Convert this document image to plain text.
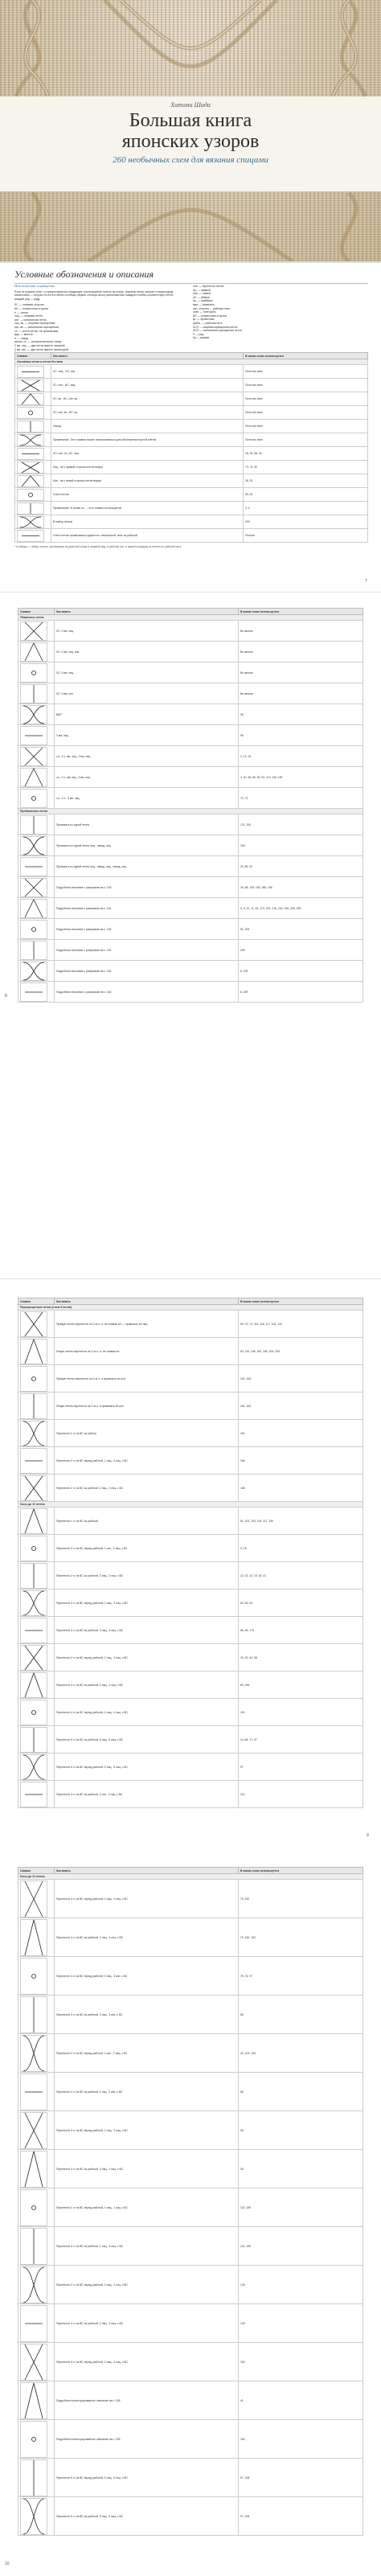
Хитоми Шида
Большая книга
японских узоров
260 необычных схем для вязания спицами
Условные обозначения и описания
Используемые сокращения
Если не указано иное, то предполагается следующее: расположение петель на спице, лицевые петли смотрят к вязальщице, изнаночные — вторая его есть в обеих столбцах первая столбца около расположения. Каждый столбец соответствует петле, каждый ряд — ряду.
ЛС — лицевая сторона
ИС — изнаночная сторона
п. — петля
лиц. — лицевая петля
изн. — изнаночная петля
лиц. вк. — лицевая скрещенная
изн. вк. — изнаночная скрещенная
сн. — снять петлю, не провязывая
вдв. — вместе
н. — накид
вспом. сп. — вспомогательная спица
2 вм. лиц. — две петли вместе лицевой
2 вм. изн. — две петли вместе изнаночной
п/сп — перенести петлю
пр. — правый
лев. — левый
уб. — убавка
пр. — прибавка
выв. — вывязать
изн. сторона — рабочая нить
повт. — повторить
ИС — изнаночная сторона
кр. — кромочная
рабоч. — рабочая нить
ЛСП — лицевая скрещенная петля
ИСП — изнаночная скрещенная петля
Р — ряд
Кр — кромка
Символ	Как вязать	В каком схеме используется
Основные петли и петли без вяза		

	ЛС: лиц., ИС: изн.	Почти во всех

	ЛС: изн., ИС: лиц.	Почти во всех

	ЛС: вк., ИС: изн. вк.	Почти во всех

	ЛС: изн. вк., ИС: вк.	Почти во всех

	Накид	Почти во всех

	Примечание. Этот символ может использоваться для обозначения пустой клетки	Почти во всех

	ЛС: изн. 2х, ИС: лиц.	16, 25, 58, 60

	Лиц., не с правой стороны петли вокруг	73, 74, 90

	Изн., не с левой стороны петли вокруг	36, 92

	Снять петлю	59, 62

	Примечание. В схеме № ..., этот символ используется	3, 4

	В набор петель	200

	Снять петлю провязывая и даже изн. изнаночной, нить за работой	Плосне
* К набору — набор петель, при вязании на длинной спице в лицевой ряд, в рабочих изн. в нашей в каждом из петель не рабочей нить.
7
Символ	Как вязать	В каком схеме используется
Убавочные петли		

	ЛС: 2 вм. лиц.	Во многих

	ЛС: 2 вм. лиц. изн.	Во многих

	ЛС: 3 вм. лиц.	Во многих

	ЛС: 3 вм. изн.	Во многих

	ВАР	96

	3 вм. лиц.	95

	сн., 3 н. вм. лиц., 2 вм. лиц.	3, 12, 13

	сн., 2 п. как лиц., 3 вм. лиц.	4, 20, 36, 80, 90, 93, 110, 130, 187

	сн., 4 п., 5 вм. лиц.	72, 73
Прибавочные петли		

	Провязать из одной петли	121, 200

	Провязать из одной петли лиц., накид, лиц.	163

	Провязать из одной петли лиц., накид, лиц., накид, лиц.	20, 89, 92

	Подробное описание с рисунками на с. 153	16, 88, 139, 150, 185, 186

	Подробное описание с рисунками на с. 151	5, 9, 10, 11, 81, 172, 202, 216, 224, 236, 238, 239

	Подробное описание с рисунками на с. 152	51, 193

	Подробное описание с рисунками на с. 152	209

	Подробное описание с рисунками на с. 152	6, 209

	Подробное описание с рисунками на с. 152	6, 209
8
Символ	Как вязать	В каком схеме используется
Перекрещенные петли (2 или 3 петли)		

	Правую петлю перенести на 2-ю п. и, не снимая ее — провязать её лиц.	59, 70, 72, 114, 116, 117, 119, 122

	Левую петлю перенести на 2-ю п. и, не снимая ее	53, 119, 156, 160, 165, 204, 228

	Правую петлю перенести на 2-ю п. и провязать ее изн.	161, 163

	Левую петлю перенести на 2-ю п. и провязать её изн.	161, 163

	Перенести 1 п. на ВС за работу	161

	Перенести 2 п. на ВС перед работой, 2 лиц., 2 лиц. с ВС	166

	Перенести 2 п. на ВС за работой, 2 лиц., 2 лиц. с ВС	168
Косы до 10 петель		

	Перенести 1 п. на ВС за работой	61, 102, 103, 115, 117, 150

	Перенести 2 п. на ВС перед работой, 1 изн., 2 лиц. с ВС	3, 19

	Перенести 2 п. на ВС за работой, 3 лиц., 3 лиц. с ВС	12, 13, 14, 15, 30, 41

	Перенести 3 п. на ВС перед работой, 3 лиц., 3 лиц. с ВС	62, 63, 64

	Перенести 3 п. на ВС за работой, 3 лиц., 3 лиц. с ВС	65, 69, 176

	Перенести 2 п. на ВС перед работой, 2 лиц., 2 лиц. с ВС	19, 20, 43, 58

	Перенести 4 п. на ВС за работой, 4 лиц., 4 лиц. с ВС	82, 196

	Перенести 4 п. на ВС перед работой, 4 лиц., 4 лиц. с ВС	191

	Перенести 5 п. на ВС за работой, 5 лиц., 5 лиц. с ВС	14, 65, 71, 97

	Перенести 5 п. на ВС перед работой, 5 лиц., 5 лиц. с ВС	97

	Перенести 3 п. на ВС за работой, 2 изн., 3 лиц. с ВС	113
9
Символ	Как вязать	В каком схеме используется
Косы до 10 петель		

	Перенести 4 п. на ВС перед работой, 2 лиц., 4 лиц. с ВС	70, 152

	Перенести 4 п. на ВС за работой, 2 лиц., 4 лиц. с ВС	70, 152, 162

	Перенести 3 п. на ВС перед работой, 3 лиц., 3 изн. с ВС	75, 76, 97

	Перенести 3 п. на ВС за работой, 3 лиц., 3 изн. с ВС	80

	Перенести 2 п. на ВС перед работой, 1 изн., 2 лиц. с ВС	42, 123, 125

	Перенести 2 п. на ВС за работой, 2 лиц., 2 изн. с ВС	86

	Перенести 3 п. на ВС перед работой, 2 лиц., 3 лиц. с ВС	93

	Перенести 3 п. на ВС за работой, 3 лиц., 2 лиц. с ВС	93

	Перенести 1 п. на ВС перед работой, 4 лиц., 1 лиц. с ВС	113, 159

	Перенести 4 п. на ВС за работой, 1 лиц., 4 лиц. с ВС	113, 159

	Перенести 2 п. на ВС перед работой, 3 лиц., 2 лиц. с ВС	128

	Перенести 3 п. на ВС за работой, 2 лиц., 3 лиц. с ВС	128

	Перенести 4 п. на ВС перед работой, 3 лиц., 4 лиц. с ВС	154

	Подробное иллюстрированное описание на с. 155	41

	Подробное иллюстрированное описание на с. 155	164

	Перенести 5 п. на ВС перед работой, 5 лиц., 5 лиц. с ВС	97, 108

	Перенести 5 п. на ВС за работой, 5 лиц., 5 лиц. с ВС	97, 108
10
